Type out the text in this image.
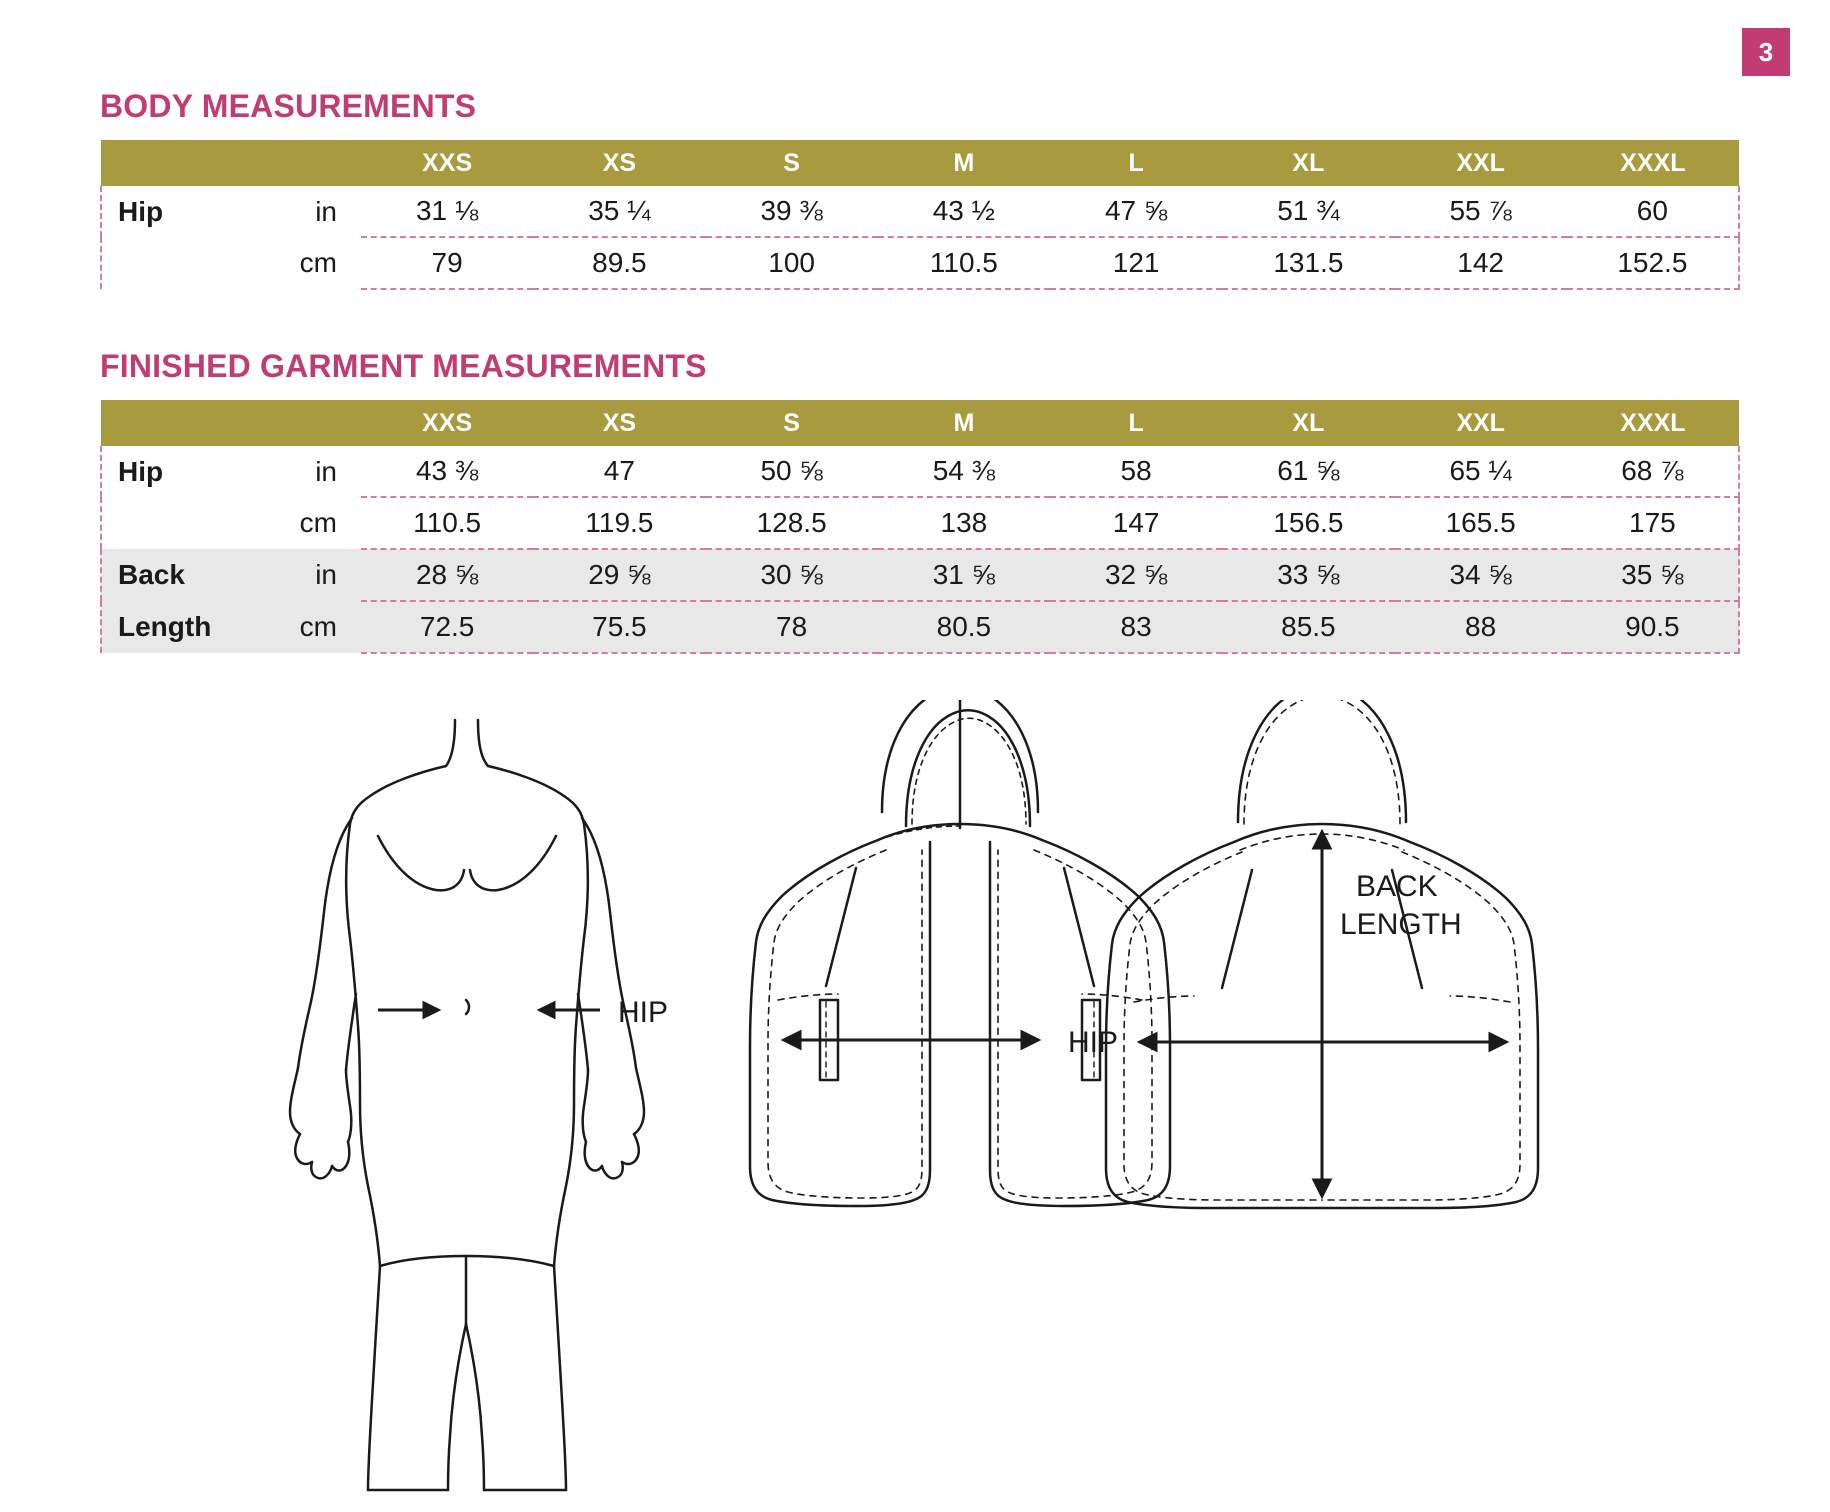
3
BODY MEASUREMENTS
		XXS	XS	S	M	L	XL	XXL	XXXL
Hip	in	31 ⅛	35 ¼	39 ⅜	43 ½	47 ⅝	51 ¾	55 ⅞	60
	cm	79	89.5	100	110.5	121	131.5	142	152.5
FINISHED GARMENT MEASUREMENTS
		XXS	XS	S	M	L	XL	XXL	XXXL
Hip	in	43 ⅜	47	50 ⅝	54 ⅜	58	61 ⅝	65 ¼	68 ⅞
	cm	110.5	119.5	128.5	138	147	156.5	165.5	175
Back	in	28 ⅝	29 ⅝	30 ⅝	31 ⅝	32 ⅝	33 ⅝	34 ⅝	35 ⅝
Length	cm	72.5	75.5	78	80.5	83	85.5	88	90.5
HIP
HIP
BACK
LENGTH
